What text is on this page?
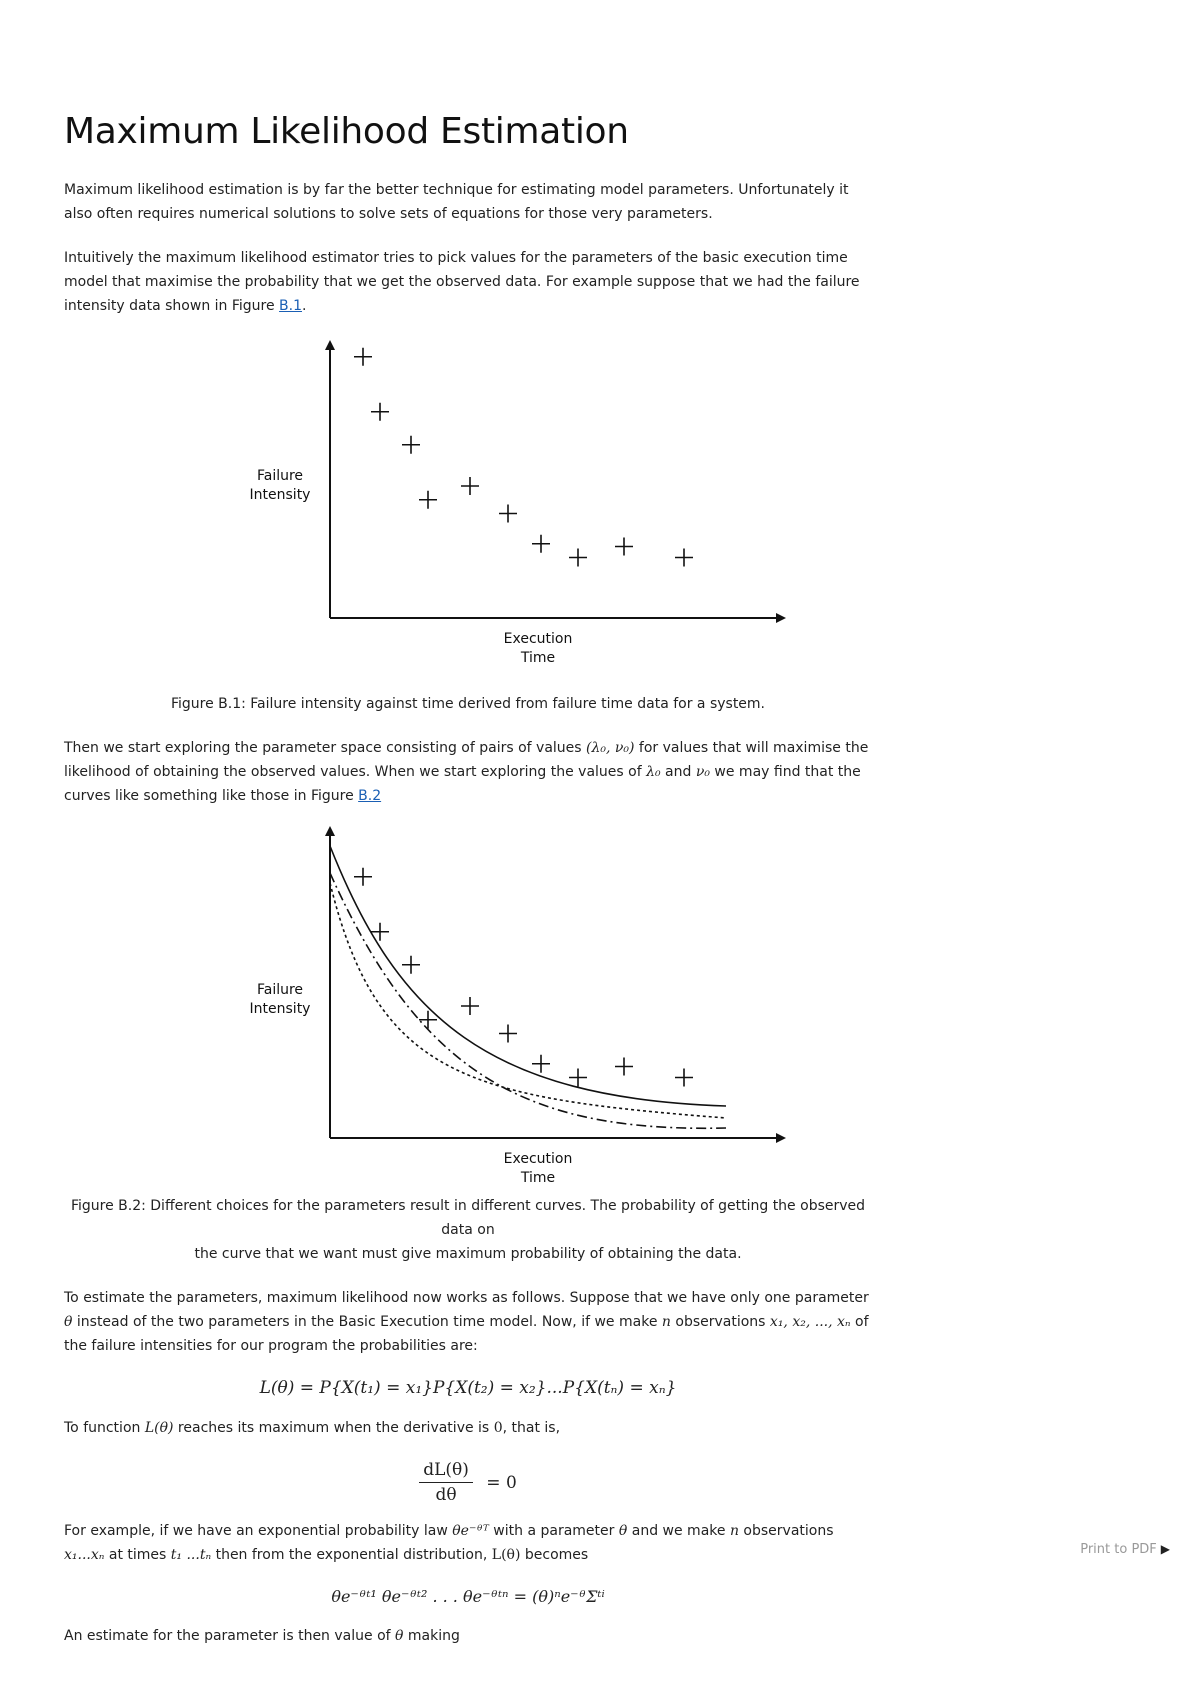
Maximum Likelihood Estimation

Maximum likelihood estimation is by far the better technique for estimating model parameters. Unfortunately it also often requires numerical solutions to solve sets of equations for those very parameters.

Intuitively the maximum likelihood estimator tries to pick values for the parameters of the basic execution time model that maximise the probability that we get the observed data. For example suppose that we had the failure intensity data shown in Figure B.1.

Failure
Intensity
Execution
Time

Figure B.1: Failure intensity against time derived from failure time data for a system.

Then we start exploring the parameter space consisting of pairs of values (λ₀, ν₀) for values that will maximise the likelihood of obtaining the observed values. When we start exploring the values of λ₀ and ν₀ we may find that the curves like something like those in Figure B.2

Failure
Intensity
Execution
Time

Figure B.2: Different choices for the parameters result in different curves. The probability of getting the observed data on
the curve that we want must give maximum probability of obtaining the data.

To estimate the parameters, maximum likelihood now works as follows. Suppose that we have only one parameter θ instead of the two parameters in the Basic Execution time model. Now, if we make n observations x₁, x₂, ..., xₙ of the failure intensities for our program the probabilities are:

L(θ) = P{X(t₁) = x₁}P{X(t₂) = x₂}...P{X(tₙ) = xₙ}

To function L(θ) reaches its maximum when the derivative is 0, that is,

$\frac{dL(\theta)}{d\theta} = 0$

For example, if we have an exponential probability law θe⁻ᶿᵀ with a parameter θ and we make n observations x₁...xₙ at times t₁ ...tₙ then from the exponential distribution, L(θ) becomes

θe⁻ᶿᵗ¹ θe⁻ᶿᵗ² . . . θe⁻ᶿᵗⁿ = (θ)ⁿe⁻ᶿΣᵗⁱ

An estimate for the parameter is then value of θ making

Print to PDF ▶
